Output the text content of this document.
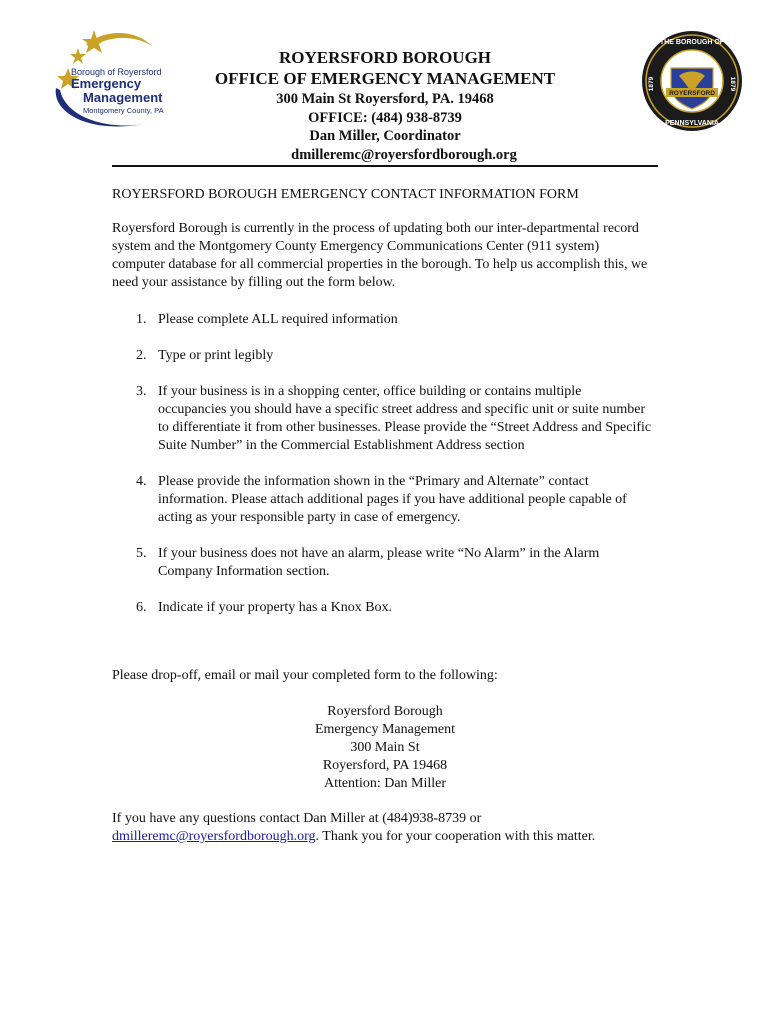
Borough of Royersford
Emergency
Management
Montgomery County, PA
ROYERSFORD
THE BOROUGH OF
PENNSYLVANIA
1879	1879
ROYERSFORD BOROUGH
OFFICE OF EMERGENCY MANAGEMENT
300 Main St Royersford, PA. 19468
OFFICE: (484) 938-8739
Dan Miller, Coordinator
dmilleremc@royersfordborough.org
ROYERSFORD BOROUGH EMERGENCY CONTACT INFORMATION FORM

Royersford Borough is currently in the process of updating both our inter-departmental record system and the Montgomery County Emergency Communications Center (911 system) computer database for all commercial properties in the borough. To help us accomplish this, we need your assistance by filling out the form below.

1. Please complete ALL required information
2. Type or print legibly
3. If your business is in a shopping center, office building or contains multiple occupancies you should have a specific street address and specific unit or suite number to differentiate it from other businesses. Please provide the “Street Address and Specific Suite Number” in the Commercial Establishment Address section
4. Please provide the information shown in the “Primary and Alternate” contact information. Please attach additional pages if you have additional people capable of acting as your responsible party in case of emergency.
5. If your business does not have an alarm, please write “No Alarm” in the Alarm Company Information section.
6. Indicate if your property has a Knox Box.
Please drop-off, email or mail your completed form to the following:
Royersford Borough
Emergency Management
300 Main St
Royersford, PA 19468
Attention: Dan Miller
If you have any questions contact Dan Miller at (484)938-8739 or
dmilleremc@royersfordborough.org. Thank you for your cooperation with this matter.
